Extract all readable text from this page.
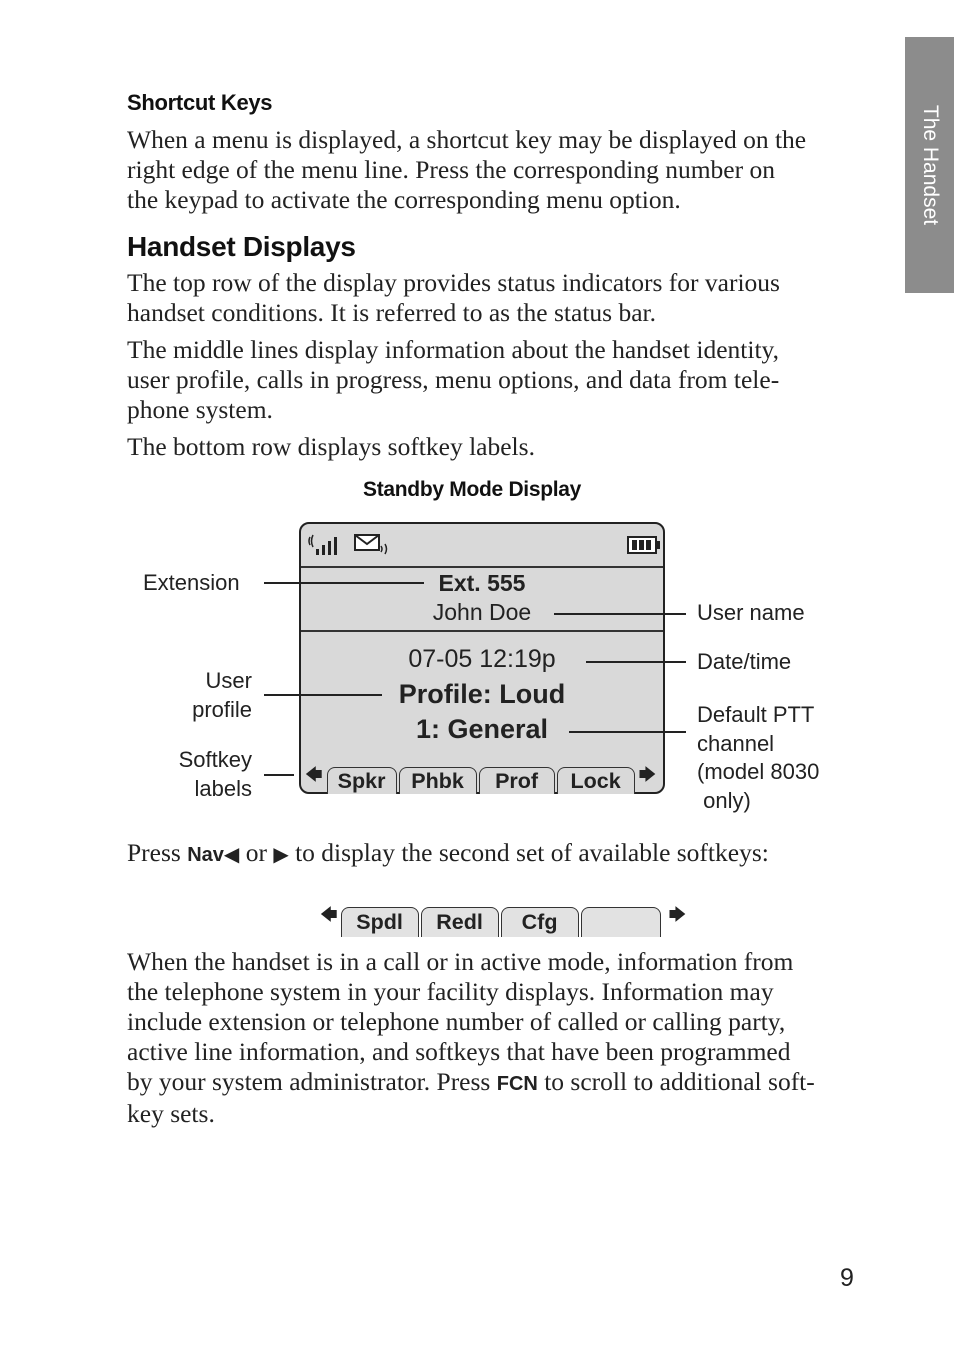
The Handset
Shortcut Keys
When a menu is displayed, a shortcut key may be displayed on the
right edge of the menu line. Press the corresponding number on
the keypad to activate the corresponding menu option.
Handset Displays
The top row of the display provides status indicators for various
handset conditions. It is referred to as the status bar.
The middle lines display information about the handset identity,
user profile, calls in progress, menu options, and data from tele-
phone system.
The bottom row displays softkey labels.
Standby Mode Display
Ext. 555
John Doe
07-05 12:19p
Profile: Loud
1: General
🡄 Spkr	Phbk	Prof	Lock	🡆
Extension
User
profile
Softkey
labels
User name
Date/time
Default PTT
channel
(model 8030
only)
Press Nav◀ or ▶ to display the second set of available softkeys:
🡄 Spdl	Redl	Cfg	🡆
When the handset is in a call or in active mode, information from
the telephone system in your facility displays. Information may
include extension or telephone number of called or calling party,
active line information, and softkeys that have been programmed
by your system administrator. Press FCN to scroll to additional soft-
key sets.
9
